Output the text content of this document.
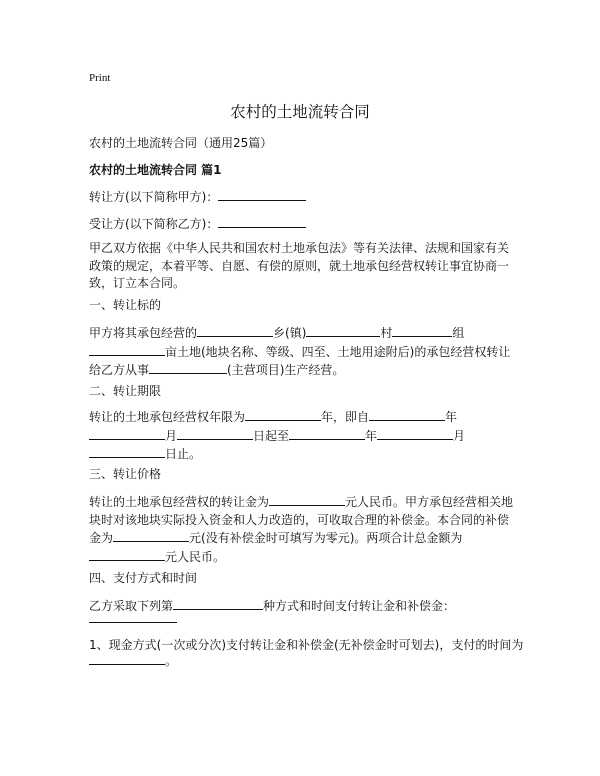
Print
农村的土地流转合同
农村的土地流转合同（通用25篇）
农村的土地流转合同 篇1
转让方(以下简称甲方)：
受让方(以下简称乙方)：
甲乙双方依据《中华人民共和国农村土地承包法》等有关法律、法规和国家有关政策的规定，本着平等、自愿、有偿的原则，就土地承包经营权转让事宜协商一致，订立本合同。
一、转让标的
甲方将其承包经营的	乡(镇)	村	组
亩土地(地块名称、等级、四至、土地用途附后)的承包经营权转让给乙方从事	(主营项目)生产经营。
二、转让期限
转让的土地承包经营权年限为	年，即自	年
月	日起至	年	月
日止。
三、转让价格
转让的土地承包经营权的转让金为	元人民币。甲方承包经营相关地块时对该地块实际投入资金和人力改造的，可收取合理的补偿金。本合同的补偿金为	元(没有补偿金时可填写为零元)。两项合计总金额为
元人民币。
四、支付方式和时间
乙方采取下列第	种方式和时间支付转让金和补偿金：
1、现金方式(一次或分次)支付转让金和补偿金(无补偿金时可划去)，支付的时间为
。
